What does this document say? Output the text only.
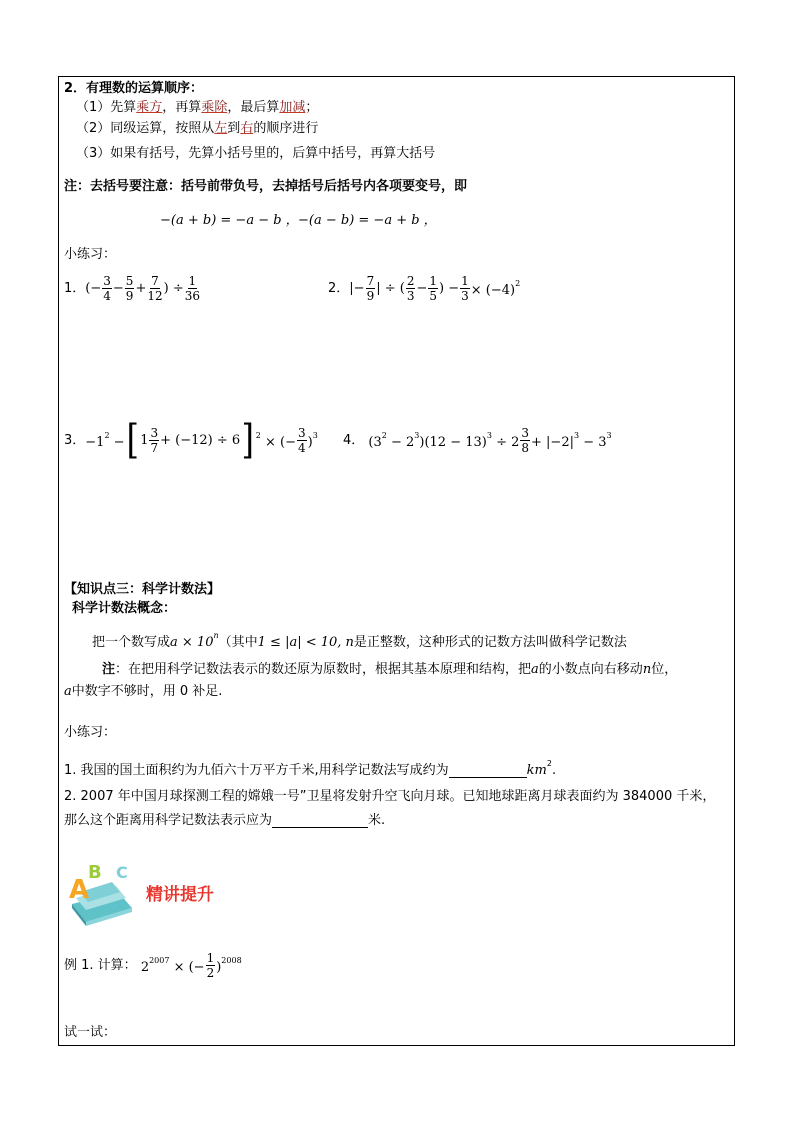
2．有理数的运算顺序：
（1）先算乘方，再算乘除，最后算加减；
（2）同级运算，按照从左到右的顺序进行
（3）如果有括号，先算小括号里的，后算中括号，再算大括号
注：去括号要注意：括号前带负号，去掉括号后括号内各项要变号，即
−(a + b) = −a − b ， −(a − b) = −a + b ，
小练习：
1． (− $\frac{3}{4} - \frac{5}{9} + \frac{7}{12}$ ) ÷ $\frac{1}{36}$	2． |− $\frac{7}{9}$ | ÷ ( $\frac{2}{3} - \frac{1}{5}$ ) − $\frac{1}{3} \times (-4)^2$
3． $-1^2$ − [ $1 \frac{3}{7} + (-12) \div 6$ ] $^2$ × (− $\frac{3}{4} )^3$ 4． $(3^2 - 2^3)(12 - 13)^3 \div 2 \frac{3}{8} + |-2|^3 - 3^3$
【知识点三：科学计数法】
科学计数法概念：
把一个数写成$a \times 10^n$（其中1 ≤ |a| < 10, n是正整数，这种形式的记数方法叫做科学记数法
注：在把用科学记数法表示的数还原为原数时，根据其基本原理和结构，把a的小数点向右移动n位，
a中数字不够时，用 0 补足.
小练习：
1. 我国的国土面积约为九佰六十万平方千米,用科学记数法写成约为	$km^2$.
2. 2007 年中国月球探测工程的嫦娥一号”卫星将发射升空飞向月球。已知地球距离月球表面约为 384000 千米，
那么这个距离用科学记数法表示应为	米.
B
A
C
精讲提升
例 1. 计算： $2^{2007}$ × (− $\frac{1}{2} )^{2008}$
试一试：
